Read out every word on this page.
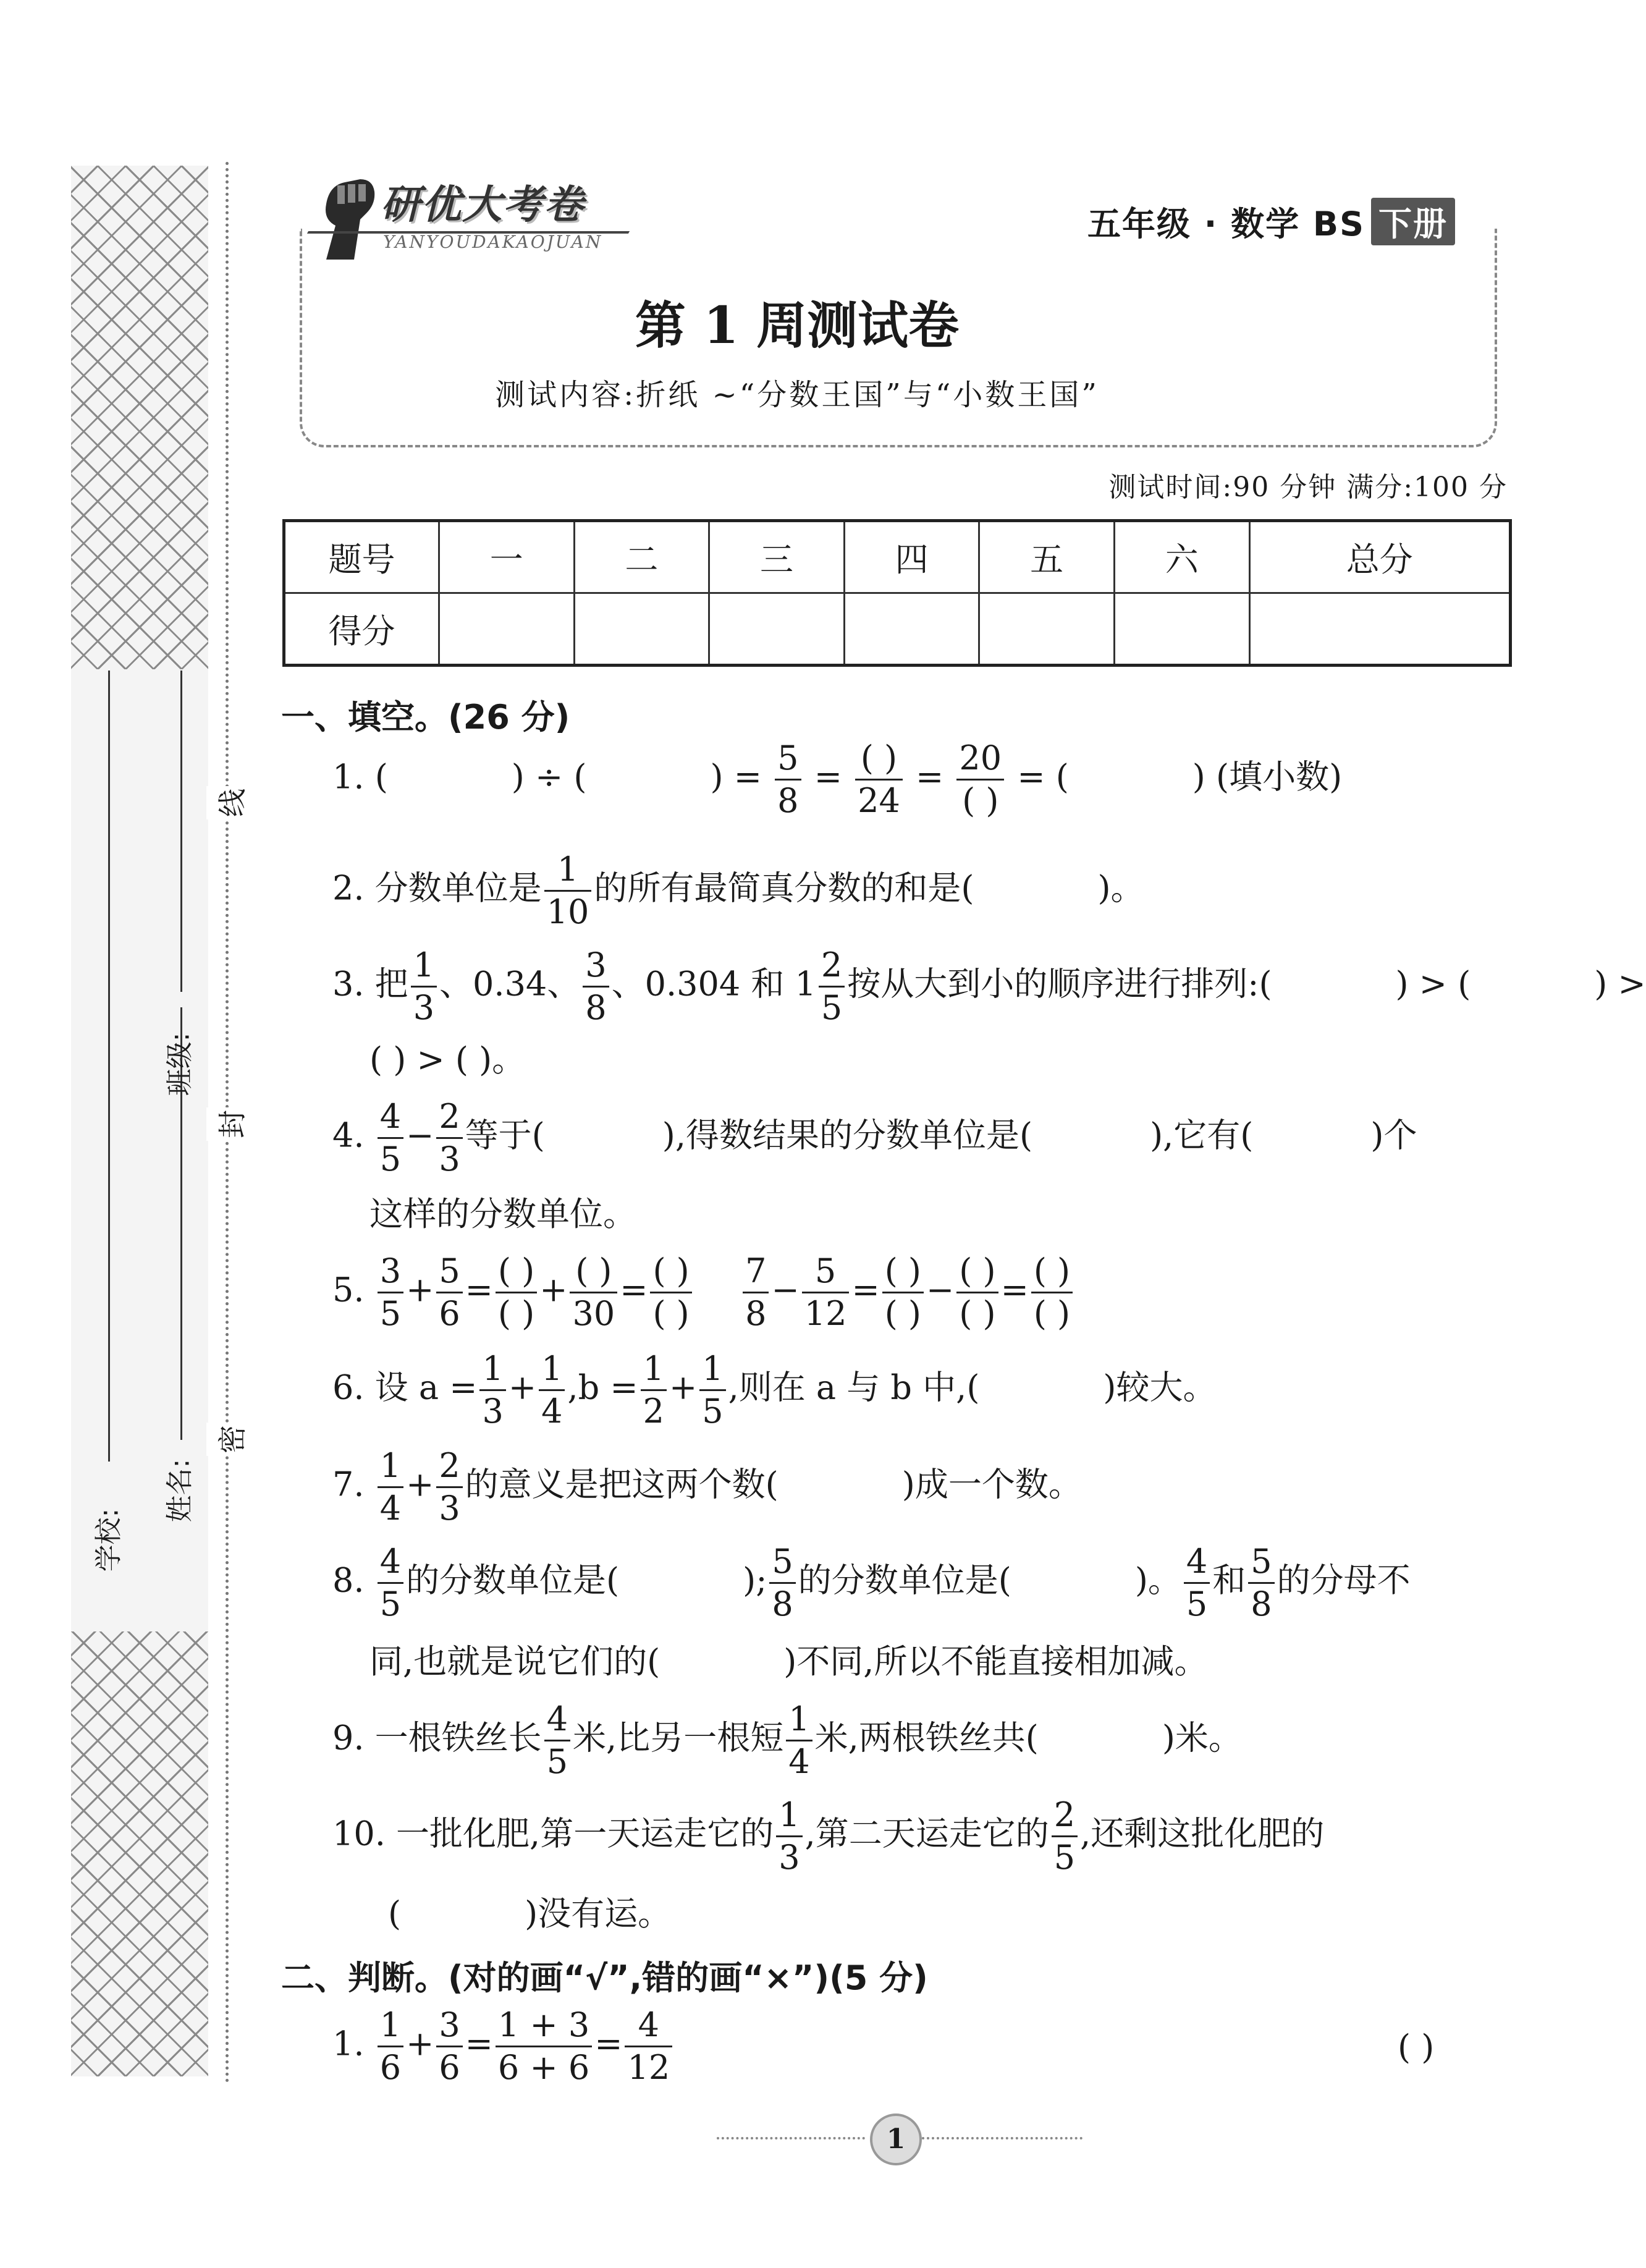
学校:
姓名:
班级:
密
封
线
研优大考卷
YANYOUDAKAOJUAN	五年级 · 数学 BS 下册
第 1 周测试卷
测试内容:折纸 ~“分数王国”与“小数王国”
测试时间:90 分钟 满分:100 分
题号	一	二	三	四	五	六	总分
得分							
一、填空。(26 分)
1. (	) ÷ (	) = $\frac{5}{8}$ = ( )
24
= 20
( )
= (	) (填小数)
2. 分数单位是 $\frac{1}{10}$ 的所有最简真分数的和是(	)。
3. 把 $\frac{1}{3}$ 、0.34、 $\frac{3}{8}$ 、0.304 和 $1 \frac{2}{5}$ 按从大到小的顺序进行排列:(	) > (	) >
( ) > ( )。
4. $\frac{4}{5} - \frac{2}{3}$ 等于(	),得数结果的分数单位是(	),它有(	)个
这样的分数单位。
5. $\frac{3}{5} + \frac{5}{6}$ = ( )
( )
+ ( )
30
= ( )
( )
$\frac{7}{8} - \frac{5}{12}$ = ( )
( )
− ( )
( )
= ( )
( )
6. 设 $a = \frac{1}{3} + \frac{1}{4} ,b = \frac{1}{2} + \frac{1}{5}$ ,则在 a 与 b 中,(	)较大。
7. $\frac{1}{4} + \frac{2}{3}$ 的意义是把这两个数(	)成一个数。
8. $\frac{4}{5}$ 的分数单位是(	); $\frac{5}{8}$ 的分数单位是(	)。 $\frac{4}{5}$ 和 $\frac{5}{8}$ 的分母不
同,也就是说它们的(	)不同,所以不能直接相加减。
9. 一根铁丝长 $\frac{4}{5}$ 米,比另一根短 $\frac{1}{4}$ 米,两根铁丝共(	)米。
10. 一批化肥,第一天运走它的 $\frac{1}{3}$ ,第二天运走它的 $\frac{2}{5}$ ,还剩这批化肥的
(	)没有运。
二、判断。(对的画“√”,错的画“×”)(5 分)
1. $\frac{1}{6} + \frac{3}{6} = \frac{1 + 3}{6 + 6} = \frac{4}{12}$	( )
1
